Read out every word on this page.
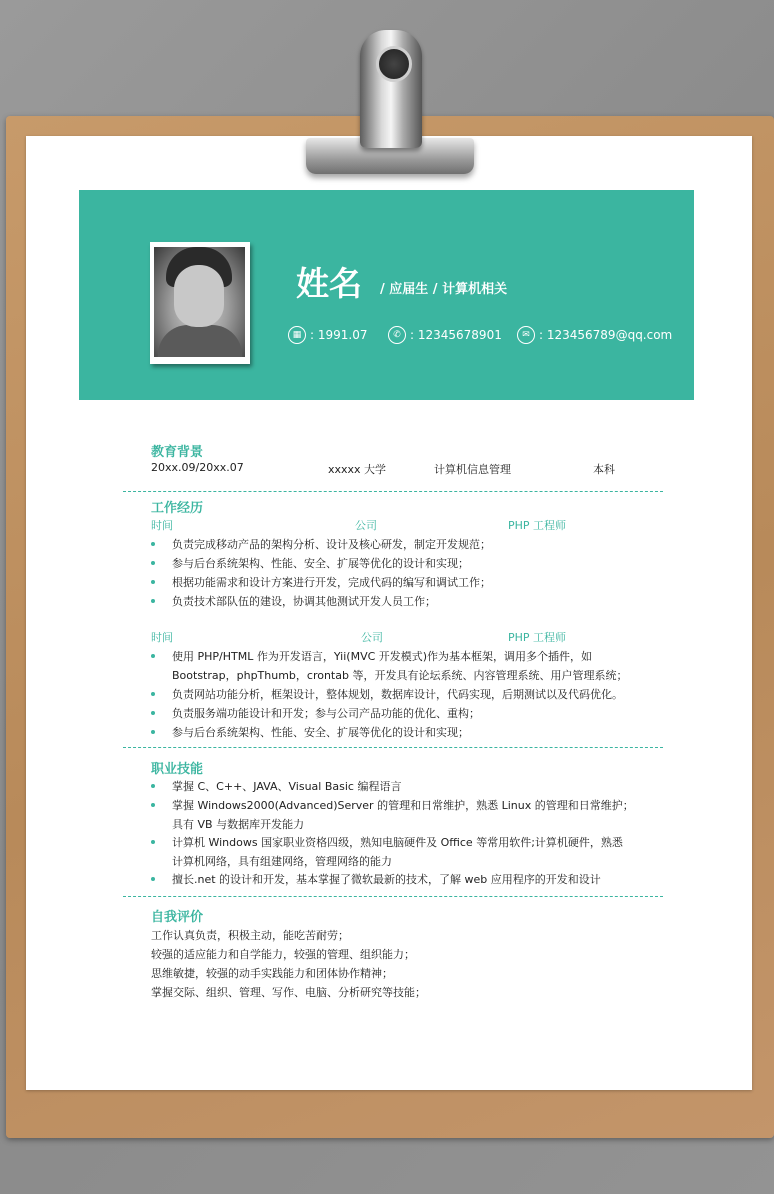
姓名 / 应届生 / 计算机相关
▦ : 1991.07	✆ : 12345678901	✉ : 123456789@qq.com
教育背景
20xx.09/20xx.07	xxxxx 大学	计算机信息管理	本科
工作经历
时间	公司	PHP 工程师
负责完成移动产品的架构分析、设计及核心研发，制定开发规范；
参与后台系统架构、性能、安全、扩展等优化的设计和实现；
根据功能需求和设计方案进行开发，完成代码的编写和调试工作；
负责技术部队伍的建设，协调其他测试开发人员工作；
时间	公司	PHP 工程师
使用 PHP/HTML 作为开发语言，Yii(MVC 开发模式)作为基本框架，调用多个插件，如
Bootstrap，phpThumb，crontab 等，开发具有论坛系统、内容管理系统、用户管理系统；
负责网站功能分析，框架设计，整体规划，数据库设计，代码实现，后期测试以及代码优化。
负责服务端功能设计和开发；参与公司产品功能的优化、重构；
参与后台系统架构、性能、安全、扩展等优化的设计和实现；
职业技能
掌握 C、C++、JAVA、Visual Basic 编程语言
掌握 Windows2000(Advanced)Server 的管理和日常维护，熟悉 Linux 的管理和日常维护；
具有 VB 与数据库开发能力
计算机 Windows 国家职业资格四级，熟知电脑硬件及 Office 等常用软件;计算机硬件，熟悉
计算机网络，具有组建网络，管理网络的能力
擅长.net 的设计和开发，基本掌握了微软最新的技术，了解 web 应用程序的开发和设计
自我评价
工作认真负责，积极主动，能吃苦耐劳；
较强的适应能力和自学能力，较强的管理、组织能力；
思维敏捷，较强的动手实践能力和团体协作精神；
掌握交际、组织、管理、写作、电脑、分析研究等技能；
